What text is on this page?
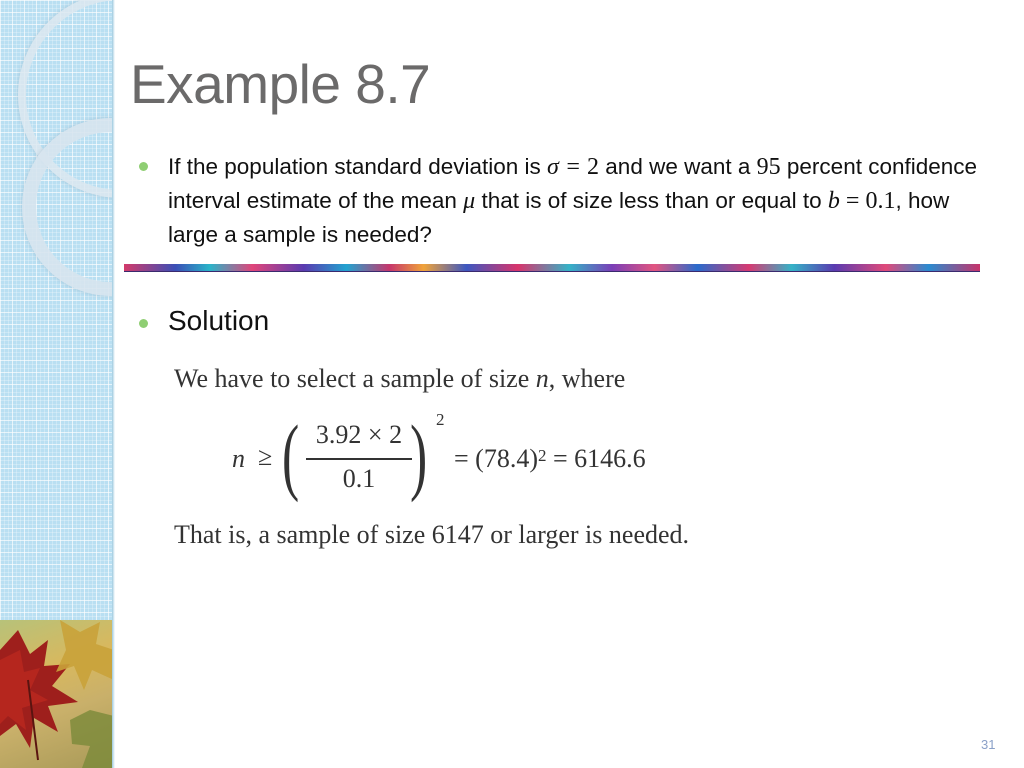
Example 8.7

If the population standard deviation is σ = 2 and we want a 95 percent confidence interval estimate of the mean μ that is of size less than or equal to b = 0.1, how large a sample is needed?

Solution

We have to select a sample of size n, where

n ≥ ( 3.92 × 2
0.1 ) 2
= $(78.4)^2 = 6146.6$

That is, a sample of size 6147 or larger is needed.

31
